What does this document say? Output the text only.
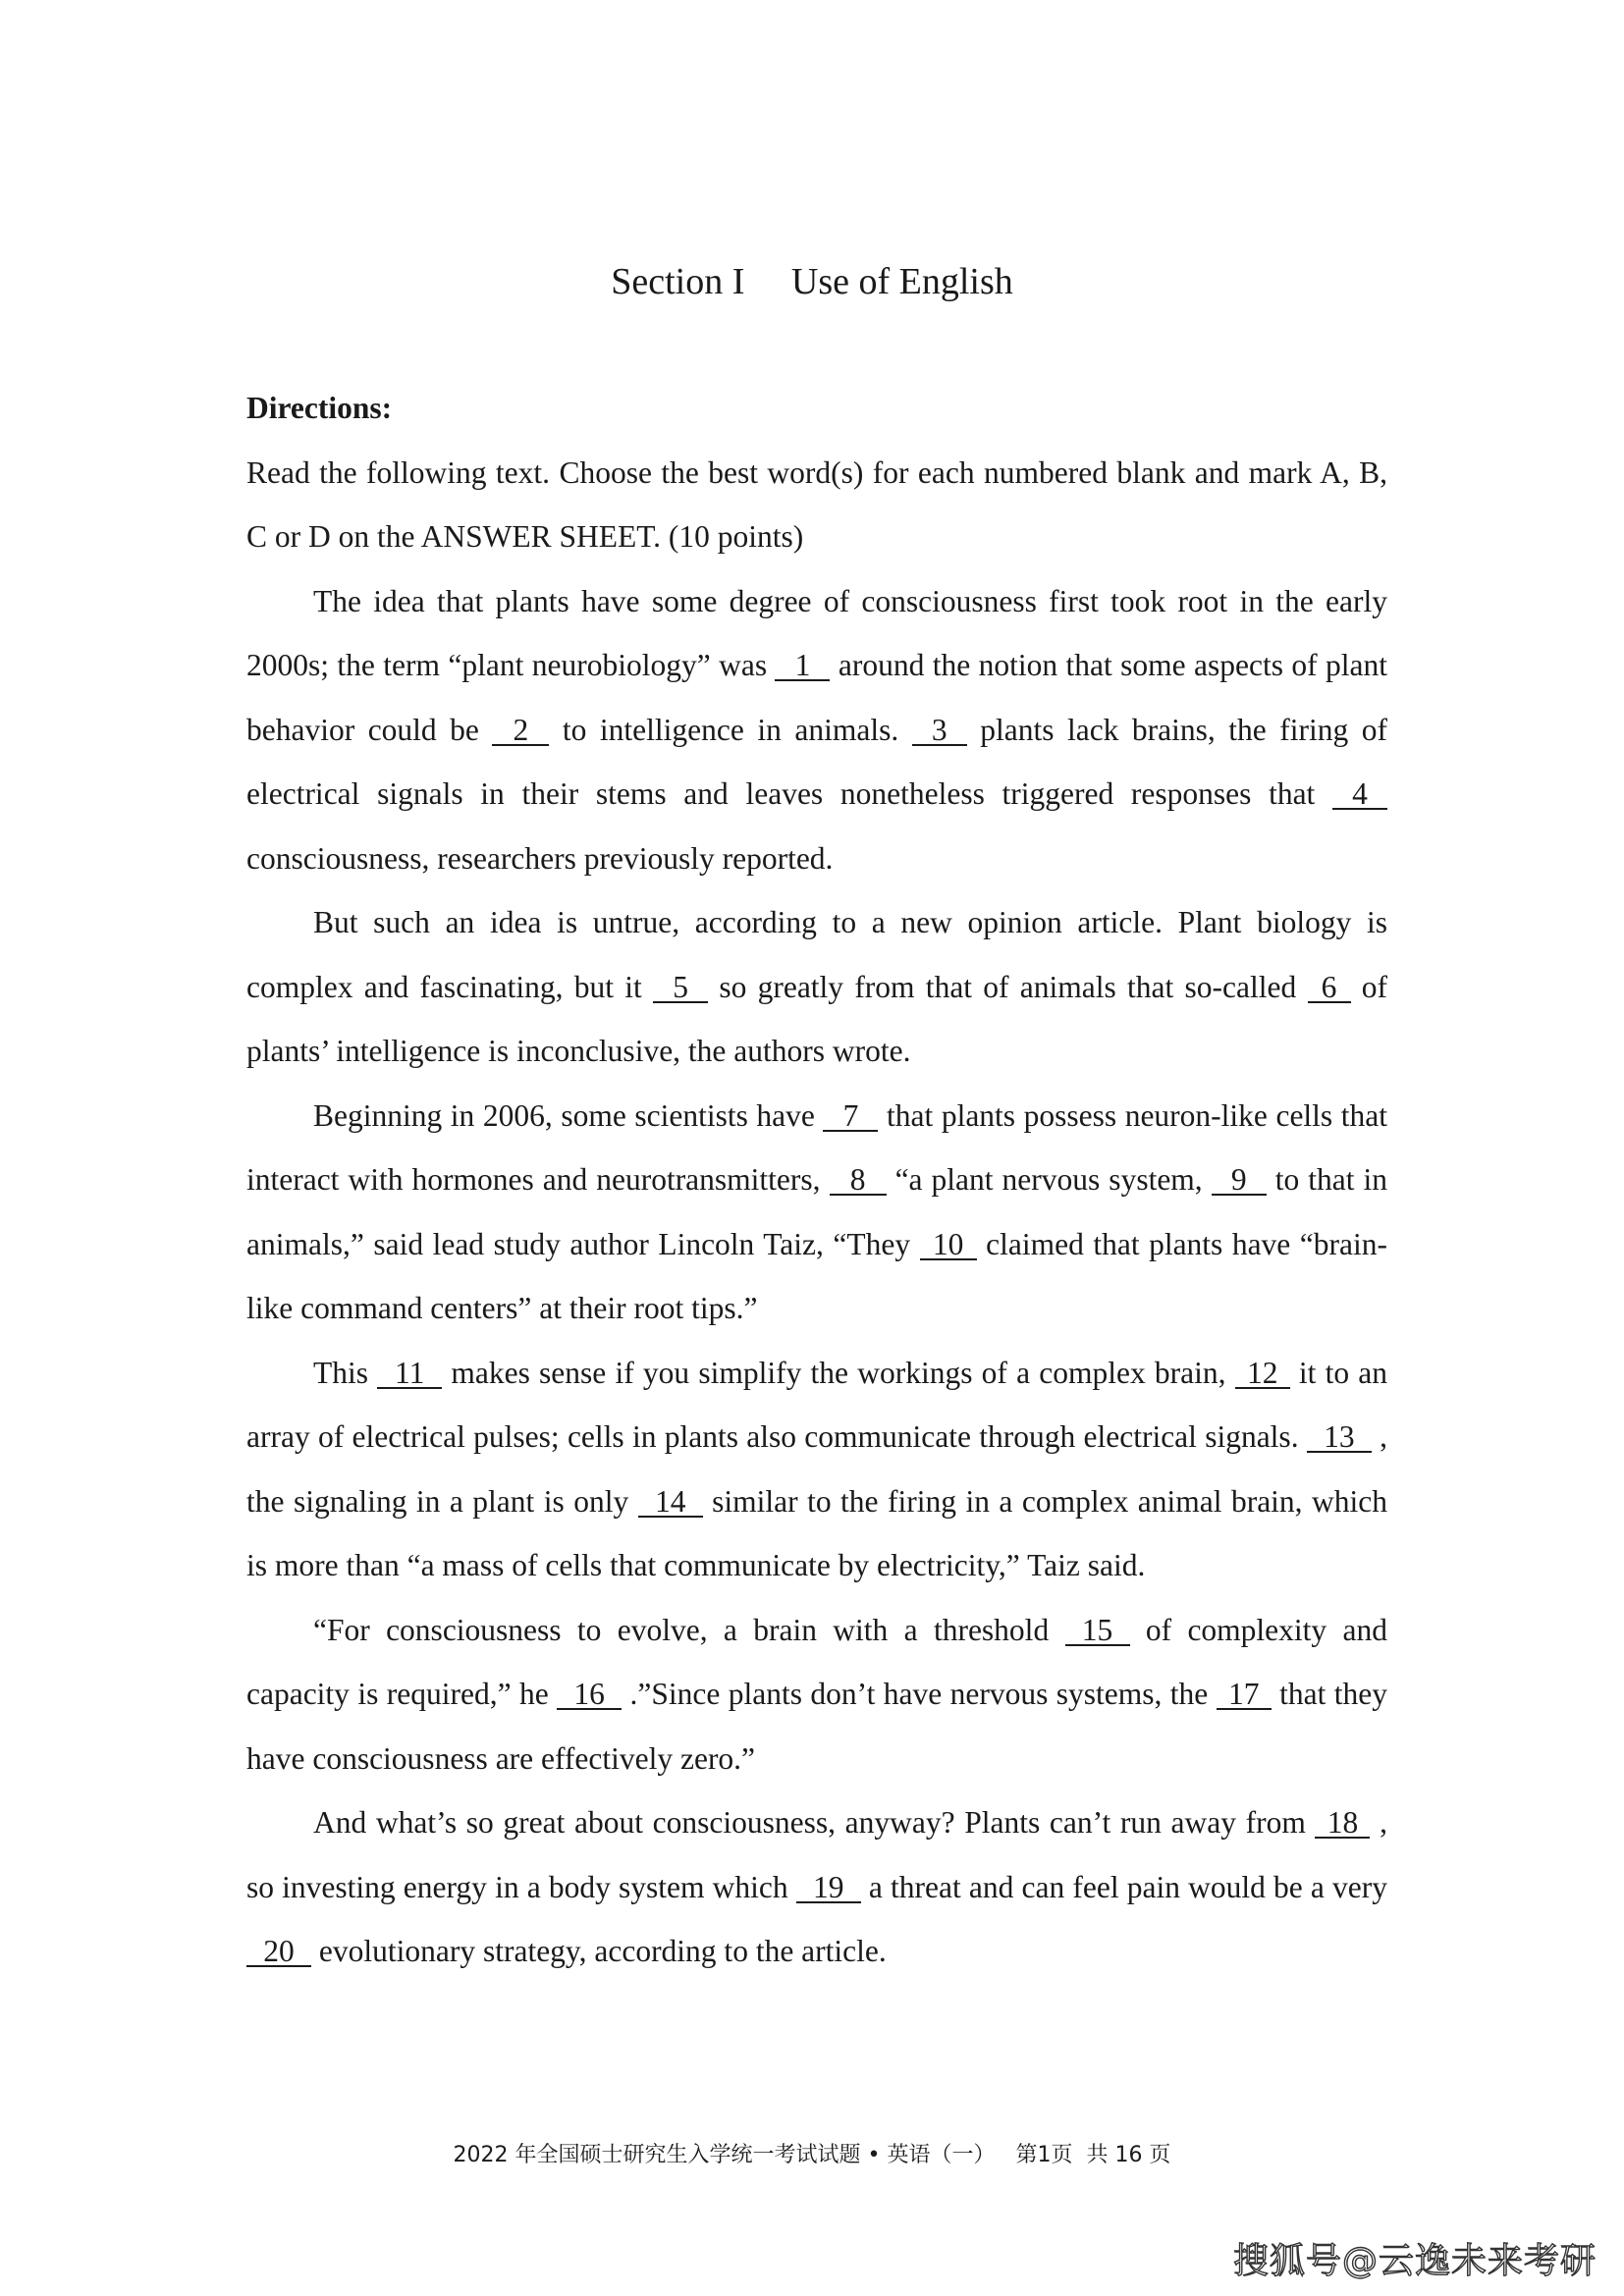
Section I     Use of English

Directions:

Read the following text. Choose the best word(s) for each numbered blank and mark A, B, C or D on the ANSWER SHEET. (10 points)

The idea that plants have some degree of consciousness first took root in the early 2000s; the term “plant neurobiology” was 1 around the notion that some aspects of plant behavior could be 2 to intelligence in animals. 3 plants lack brains, the firing of electrical signals in their stems and leaves nonetheless triggered responses that 4 consciousness, researchers previously reported.

But such an idea is untrue, according to a new opinion article. Plant biology is complex and fascinating, but it 5 so greatly from that of animals that so-called 6 of plants’ intelligence is inconclusive, the authors wrote.

Beginning in 2006, some scientists have 7 that plants possess neuron-like cells that interact with hormones and neurotransmitters, 8 “a plant nervous system, 9 to that in animals,” said lead study author Lincoln Taiz, “They 10 claimed that plants have “brain-like command centers” at their root tips.”

This 11 makes sense if you simplify the workings of a complex brain, 12 it to an array of electrical pulses; cells in plants also communicate through electrical signals. 13 , the signaling in a plant is only 14 similar to the firing in a complex animal brain, which is more than “a mass of cells that communicate by electricity,” Taiz said.

“For consciousness to evolve, a brain with a threshold 15 of complexity and capacity is required,” he 16 .”Since plants don’t have nervous systems, the 17 that they have consciousness are effectively zero.”

And what’s so great about consciousness, anyway? Plants can’t run away from 18 , so investing energy in a body system which 19 a threat and can feel pain would be a very 20 evolutionary strategy, according to the article.

2022 年全国硕士研究生入学统一考试试题 • 英语（一）   第1页  共 16 页
搜狐号@云逸未来考研
